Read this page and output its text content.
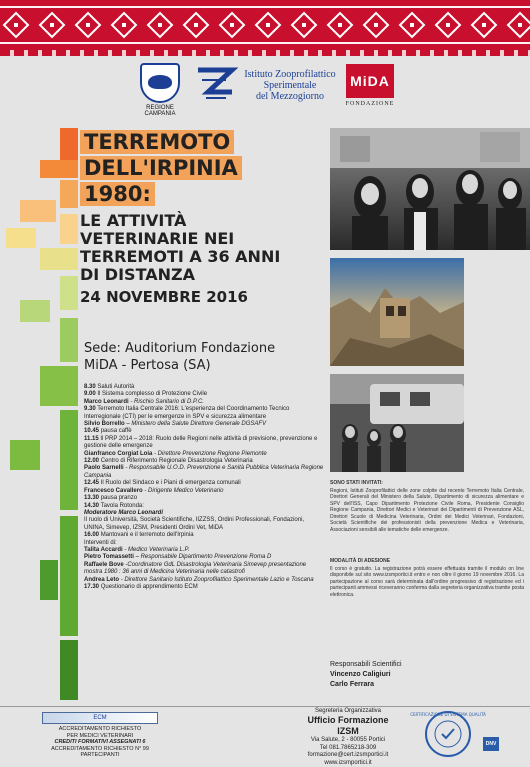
REGIONE CAMPANIA
Istituto Zooprofilattico
Sperimentale
del Mezzogiorno
MiDA
FONDAZIONE
TERREMOTO
DELL'IRPINIA
1980:
LE ATTIVITÀ
VETERINARIE NEI
TERREMOTI A 36 ANNI
DI DISTANZA
24 NOVEMBRE 2016
Sede: Auditorium Fondazione
MiDA - Pertosa (SA)
8.30 Saluti Autorità
9.00 Il Sistema complesso di Protezione Civile
Marco Leonardi - Rischio Sanitario di D.P.C.
9.30 Terremoto Italia Centrale 2016: L'esperienza del Coordinamento Tecnico Interregionale (CTI) per le emergenze in SPV e sicurezza alimentare
Silvio Borrello – Ministero della Salute Direttore Generale DGSAFV
10.45 pausa caffè
11.15 Il PRP 2014 – 2018: Ruolo delle Regioni nelle attività di previsione, prevenzione e gestione delle emergenze
Gianfranco Corgiat Loia - Direttore Prevenzione Regione Piemonte
12.00 Centro di Riferimento Regionale Disastrologia Veterinaria
Paolo Sarnelli - Responsabile U.O.D. Prevenzione e Sanità Pubblica Veterinaria Regione Campania
12.45 Il Ruolo del Sindaco e i Piani di emergenza comunali
Francesco Cavallero - Dirigente Medico Veterinario
13.30 pausa pranzo
14.30 Tavola Rotonda:
Moderatore Marco Leonardi
Il ruolo di Università, Società Scientifiche, IIZZSS, Ordini Professionali, Fondazioni, UNINA, Simevep, IZSM, Presidenti Ordini Vet, MiDA
16.00 Mantovani e il terremoto dell'Irpinia
Interventi di:
Talita Accardi - Medico Veterinaria L.P.
Pietro Tomassetti – Responsabile Dipartimento Prevenzione Roma D
Raffaele Bove -Coordinatore GdL Disastrologia Veterinaria Simevep presentazione mostra 1980 : 36 anni di Medicina Veterinaria nelle catastrofi
Andrea Leto - Direttore Sanitario Istituto Zooprofilattico Sperimentale Lazio e Toscana
17.30 Questionario di apprendimento ECM
SONO STATI INVITATI:
Regioni, Istituti Zooprofilattici delle zone colpite dal recente Terremoto Italia Centrale, Direttori Generali del Ministero della Salute, Dipartimento di sicurezza alimentare e SPV dell'ISS, Capo Dipartimento Protezione Civile Roma, Presidente Consiglio Regione Campania, Direttori Medici e Veterinari dei Dipartimenti di Prevenzione ASL, Direttori Scuole di Medicina Veterinaria, Ordini dei Medici Veterinari, Fondazioni, Società Scientifiche dei professionisti della prevenzione Medica e Veterinaria, Associazioni sensibili alle tematiche delle emergenze.
MODALITÀ DI ADESIONE
Il corso è gratuito. La registrazione potrà essere effettuata tramite il modulo on line disponibile sul sito www.izsmportici.it entro e non oltre il giorno 19 novembre 2016. La partecipazione al corso sarà determinata dall'ordine progressivo di registrazione ed i partecipanti ammessi riceveranno conferma dalla segreteria organizzativa tramite posta elettronica.
Responsabili Scientifici
Vincenzo Caligiuri
Carlo Ferrara
ECM
ACCREDITAMENTO RICHIESTO
PER MEDICI VETERINARI
CREDITI FORMATIVI ASSEGNATI 6
ACCREDITAMENTO RICHIESTO N° 99 PARTECIPANTI
Segreteria Organizzativa
Ufficio Formazione IZSM
Via Salute, 2 - 80055 Portici
Tel 081.7865218-309
formazione@cert.izsmportici.it
www.izsmportici.it
CERTIFICAZIONE DI SISTEMA QUALITÀ
DNV
